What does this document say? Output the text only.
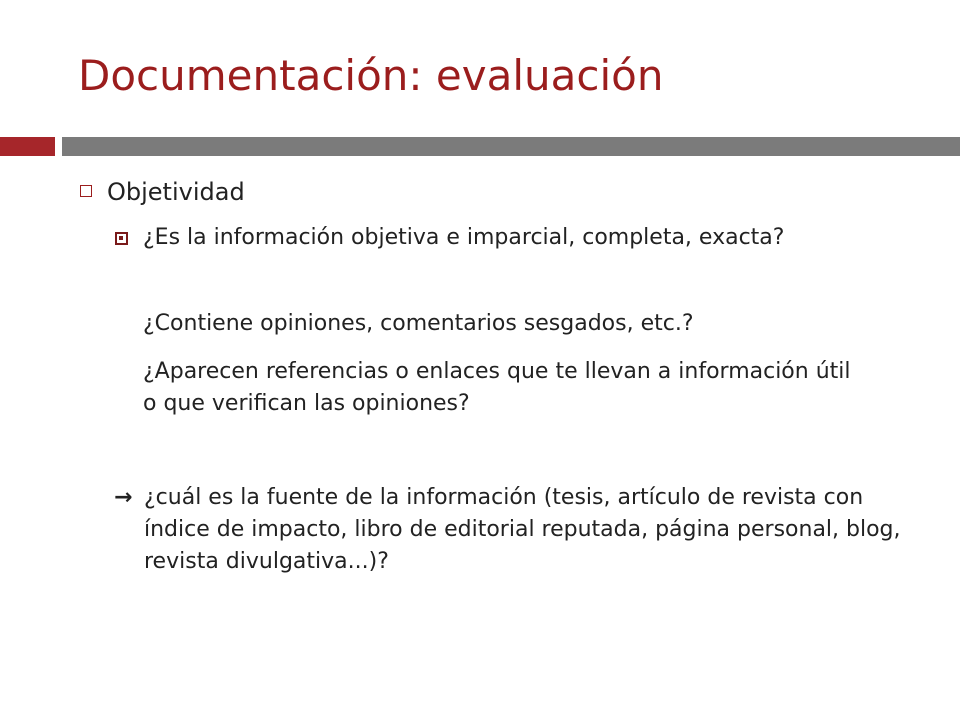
Documentación: evaluación

Objetividad

¿Es la información objetiva e imparcial, completa, exacta?

¿Contiene opiniones, comentarios sesgados, etc.?

¿Aparecen referencias o enlaces que te llevan a información útil o que verifican las opiniones?

→ ¿cuál es la fuente de la información (tesis, artículo de revista con índice de impacto, libro de editorial reputada, página personal, blog, revista divulgativa...)?
